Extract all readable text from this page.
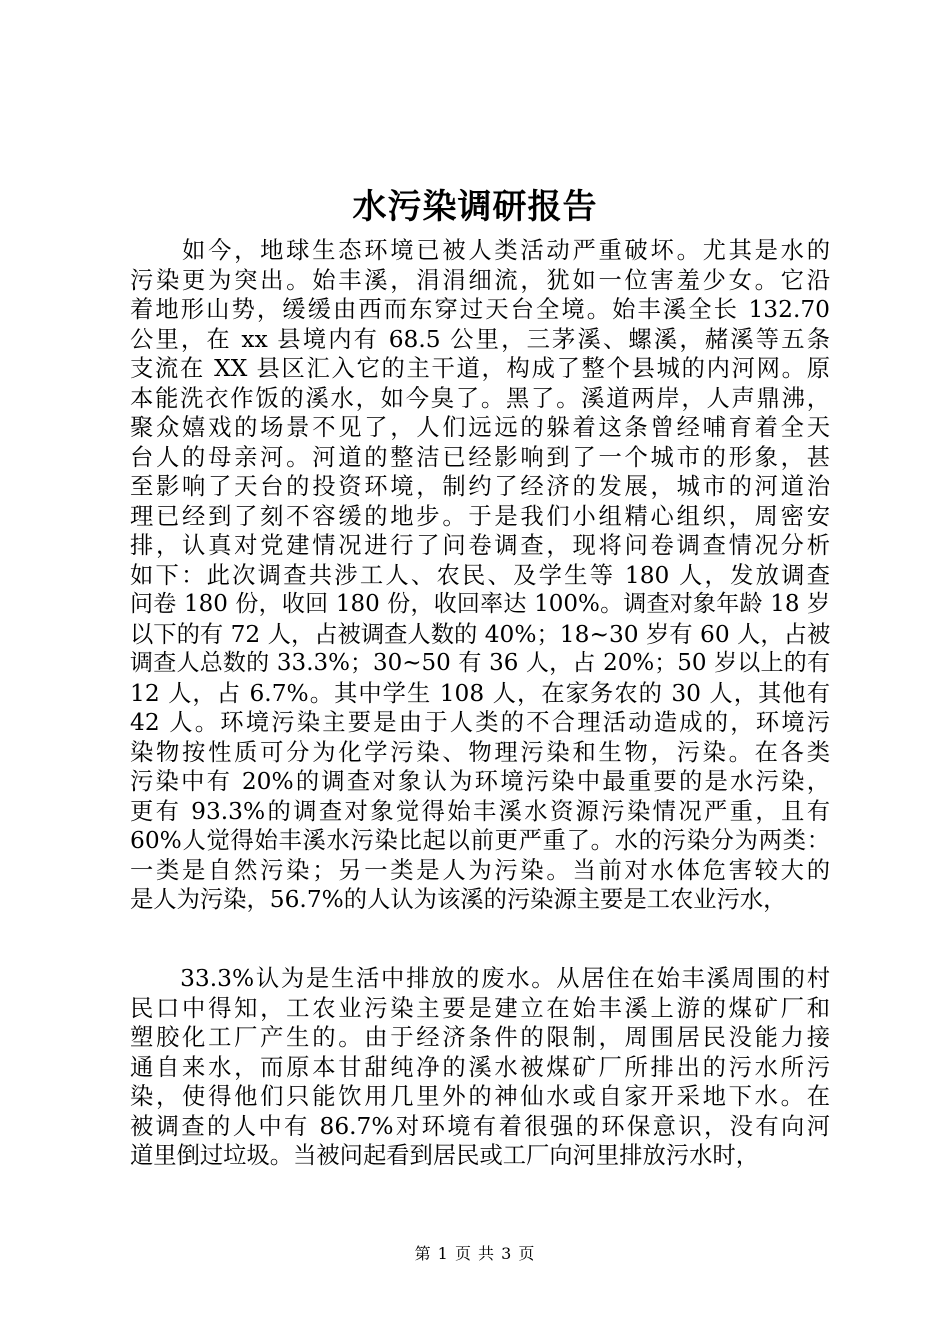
水污染调研报告
　　如今，地球生态环境已被人类活动严重破坏。尤其是水的
污染更为突出。始丰溪，涓涓细流，犹如一位害羞少女。它沿
着地形山势，缓缓由西而东穿过天台全境。始丰溪全长 132.70
公里，在 xx 县境内有 68.5 公里，三茅溪、螺溪，赭溪等五条
支流在 XX 县区汇入它的主干道，构成了整个县城的内河网。原
本能洗衣作饭的溪水，如今臭了。黑了。溪道两岸，人声鼎沸，
聚众嬉戏的场景不见了，人们远远的躲着这条曾经哺育着全天
台人的母亲河。河道的整洁已经影响到了一个城市的形象，甚
至影响了天台的投资环境，制约了经济的发展，城市的河道治
理已经到了刻不容缓的地步。于是我们小组精心组织，周密安
排，认真对党建情况进行了问卷调查，现将问卷调查情况分析
如下：此次调查共涉工人、农民、及学生等 180 人，发放调查
问卷 180 份，收回 180 份，收回率达 100%。调查对象年龄 18 岁
以下的有 72 人，占被调查人数的 40%；18~30 岁有 60 人，占被
调查人总数的 33.3%；30~50 有 36 人，占 20%；50 岁以上的有
12 人，占 6.7%。其中学生 108 人，在家务农的 30 人，其他有
42 人。环境污染主要是由于人类的不合理活动造成的，环境污
染物按性质可分为化学污染、物理污染和生物，污染。在各类
污染中有 20%的调查对象认为环境污染中最重要的是水污染，
更有 93.3%的调查对象觉得始丰溪水资源污染情况严重，且有
60%人觉得始丰溪水污染比起以前更严重了。水的污染分为两类：
一类是自然污染；另一类是人为污染。当前对水体危害较大的
是人为污染，56.7%的人认为该溪的污染源主要是工农业污水，
　　33.3%认为是生活中排放的废水。从居住在始丰溪周围的村
民口中得知，工农业污染主要是建立在始丰溪上游的煤矿厂和
塑胶化工厂产生的。由于经济条件的限制，周围居民没能力接
通自来水，而原本甘甜纯净的溪水被煤矿厂所排出的污水所污
染，使得他们只能饮用几里外的神仙水或自家开采地下水。在
被调查的人中有 86.7%对环境有着很强的环保意识，没有向河
道里倒过垃圾。当被问起看到居民或工厂向河里排放污水时，
第 1 页 共 3 页
